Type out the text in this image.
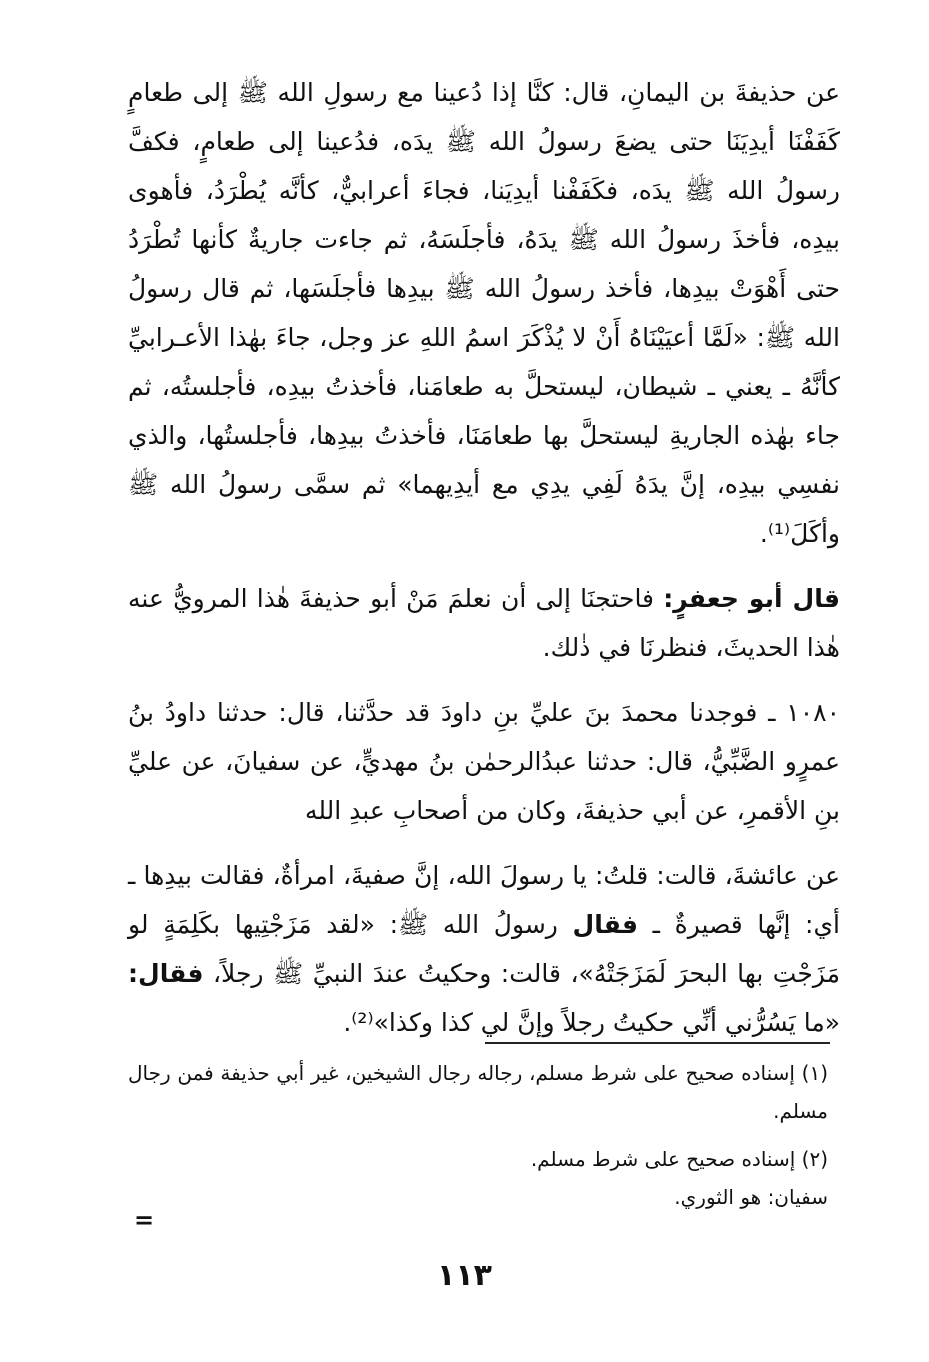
عن حذيفةَ بن اليمانِ، قال: كنَّا إذا دُعينا مع رسولِ الله ﷺ إلى طعامٍ كَفَفْنَا أيدِيَنَا حتى يضعَ رسولُ الله ﷺ يدَه، فدُعينا إلى طعامٍ، فكفَّ رسولُ الله ﷺ يدَه، فكَفَفْنا أيدِيَنا، فجاءَ أعرابيٌّ، كأنَّه يُطْرَدُ، فأهوى بيدِه، فأخذَ رسولُ الله ﷺ يدَهُ، فأجلَسَهُ، ثم جاءت جاريةٌ كأنها تُطْرَدُ حتى أَهْوَتْ بيدِها، فأخذ رسولُ الله ﷺ بيدِها فأجلَسَها، ثم قال رسولُ الله ﷺ: «لَمَّا أعيَيْنَاهُ أَنْ لا يُذْكَرَ اسمُ اللهِ عز وجل، جاءَ بهٰذا الأعـرابيِّ كأنَّهُ ـ يعني ـ شيطان، ليستحلَّ به طعامَنا، فأخذتُ بيدِه، فأجلستُه، ثم جاء بهٰذه الجاريةِ ليستحلَّ بها طعامَنَا، فأخذتُ بيدِها، فأجلستُها، والذي نفسِي بيدِه، إنَّ يدَهُ لَفِي يدِي مع أيدِيهما» ثم سمَّى رسولُ الله ﷺ وأكَلَ⁽¹⁾.

قال أبو جعفرٍ: فاحتجنَا إلى أن نعلمَ مَنْ أبو حذيفةَ هٰذا المرويُّ عنه هٰذا الحديثَ، فنظرنَا في ذٰلك.

١٠٨٠ ـ فوجدنا محمدَ بنَ عليِّ بنِ داودَ قد حدَّثنا، قال: حدثنا داودُ بنُ عمرٍو الضَّبِّيُّ، قال: حدثنا عبدُالرحمٰن بنُ مهديٍّ، عن سفيانَ، عن عليِّ بنِ الأقمرِ، عن أبي حذيفةَ، وكان من أصحابِ عبدِ الله

عن عائشةَ، قالت: قلتُ: يا رسولَ الله، إنَّ صفيةَ، امرأةٌ، فقالت بيدِها ـ أي: إنَّها قصيرةٌ ـ فقال رسولُ الله ﷺ: «لقد مَزَجْتِيها بكَلِمَةٍ لو مَزَجْتِ بها البحرَ لَمَزَجَتْهُ»، قالت: وحكيتُ عندَ النبيِّ ﷺ رجلاً، فقال: «ما يَسُرُّني أنِّي حكيتُ رجلاً وإنَّ لي كذا وكذا»⁽²⁾.

(١) إسناده صحيح على شرط مسلم، رجاله رجال الشيخين، غير أبي حذيفة فمن رجال مسلم.

(٢) إسناده صحيح على شرط مسلم.

سفيان: هو الثوري.

=
١١٣
